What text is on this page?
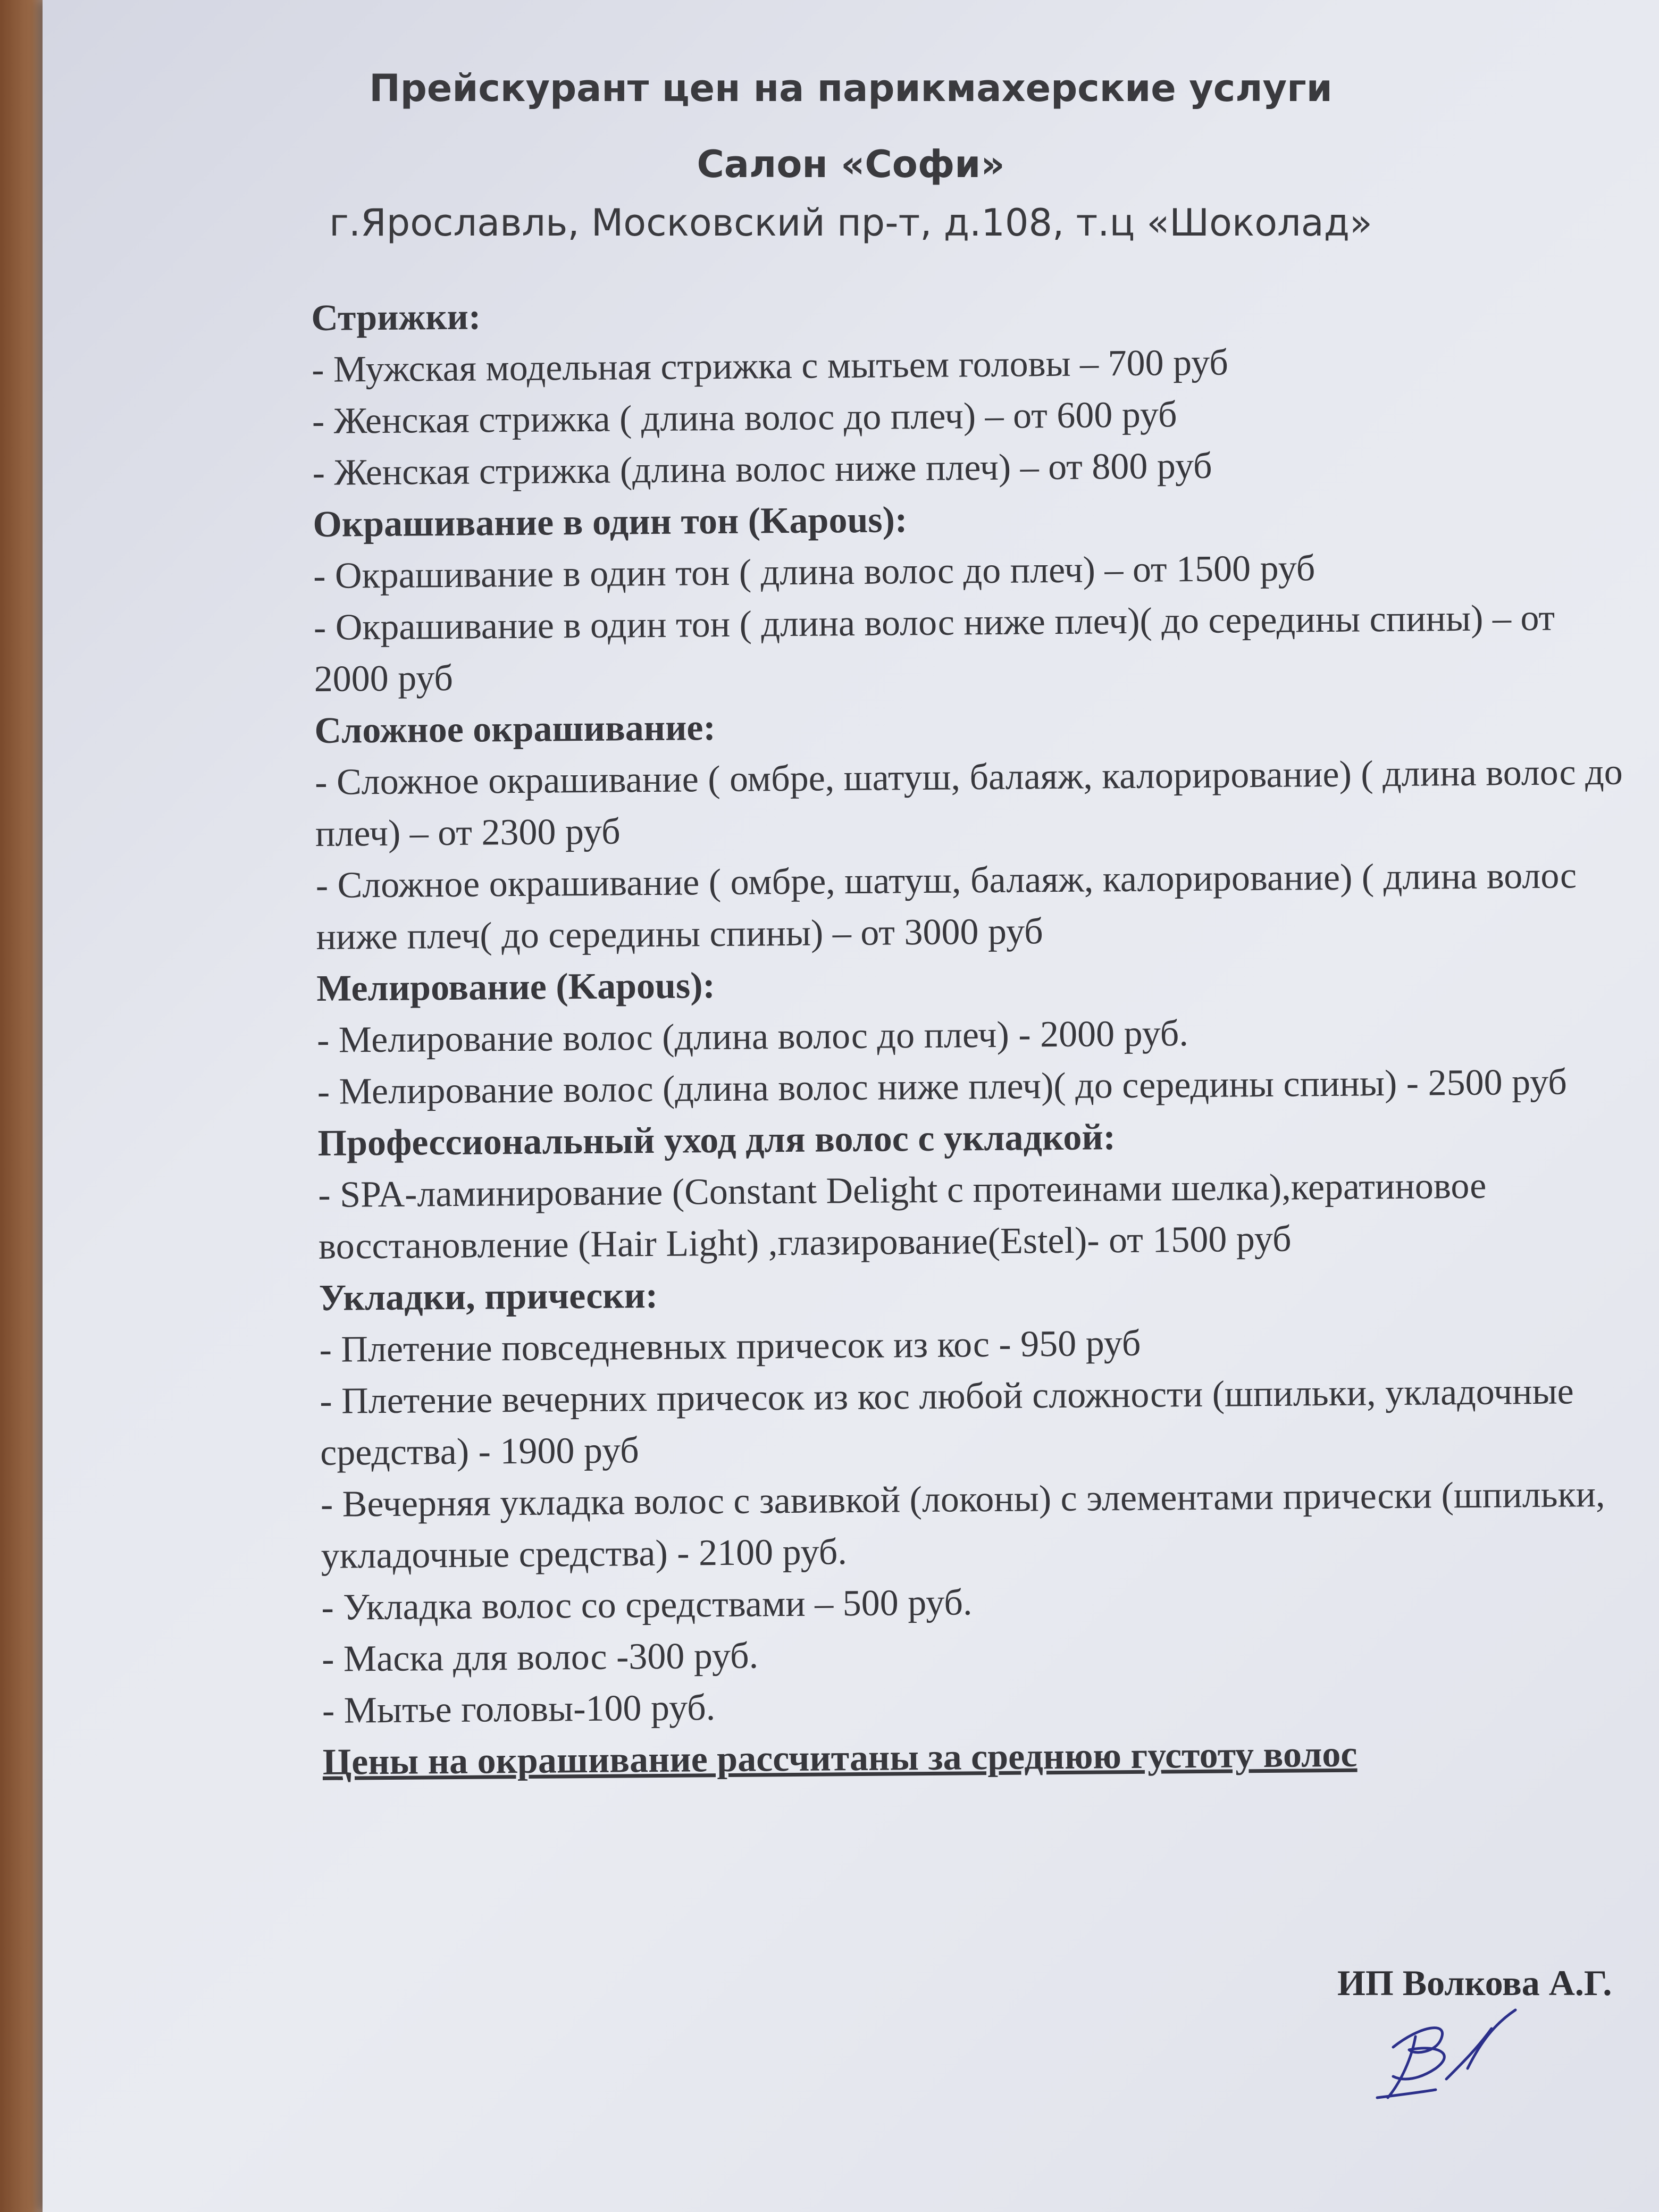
Прейскурант цен на парикмахерские услуги
Салон «Софи»
г.Ярославль, Московский пр-т, д.108, т.ц «Шоколад»
Стрижки:
- Мужская модельная стрижка с мытьем головы – 700 руб
- Женская стрижка ( длина волос до плеч) – от 600 руб
- Женская стрижка (длина волос ниже плеч) – от 800 руб
Окрашивание в один тон (Kapous):
- Окрашивание в один тон ( длина волос до плеч) – от 1500 руб
- Окрашивание в один тон ( длина волос ниже плеч)( до середины спины) – от 2000 руб
Сложное окрашивание:
- Сложное окрашивание ( омбре, шатуш, балаяж, калорирование) ( длина волос до плеч) – от 2300 руб
- Сложное окрашивание ( омбре, шатуш, балаяж, калорирование) ( длина волос ниже плеч( до середины спины) – от 3000 руб
Мелирование (Kapous):
- Мелирование волос (длина волос до плеч) - 2000 руб.
- Мелирование волос (длина волос ниже плеч)( до середины спины) - 2500 руб
Профессиональный уход для волос с укладкой:
- SPA-ламинирование (Constant Delight с протеинами шелка),кератиновое восстановление (Hair Light) ,глазирование(Estel)- от 1500 руб
Укладки, прически:
- Плетение повседневных причесок из кос - 950 руб
- Плетение вечерних причесок из кос любой сложности (шпильки, укладочные средства) - 1900 руб
- Вечерняя укладка волос с завивкой (локоны) с элементами прически (шпильки, укладочные средства) - 2100 руб.
- Укладка волос со средствами – 500 руб.
- Маска для волос -300 руб.
- Мытье головы-100 руб.
Цены на окрашивание рассчитаны за среднюю густоту волос
ИП Волкова А.Г.
